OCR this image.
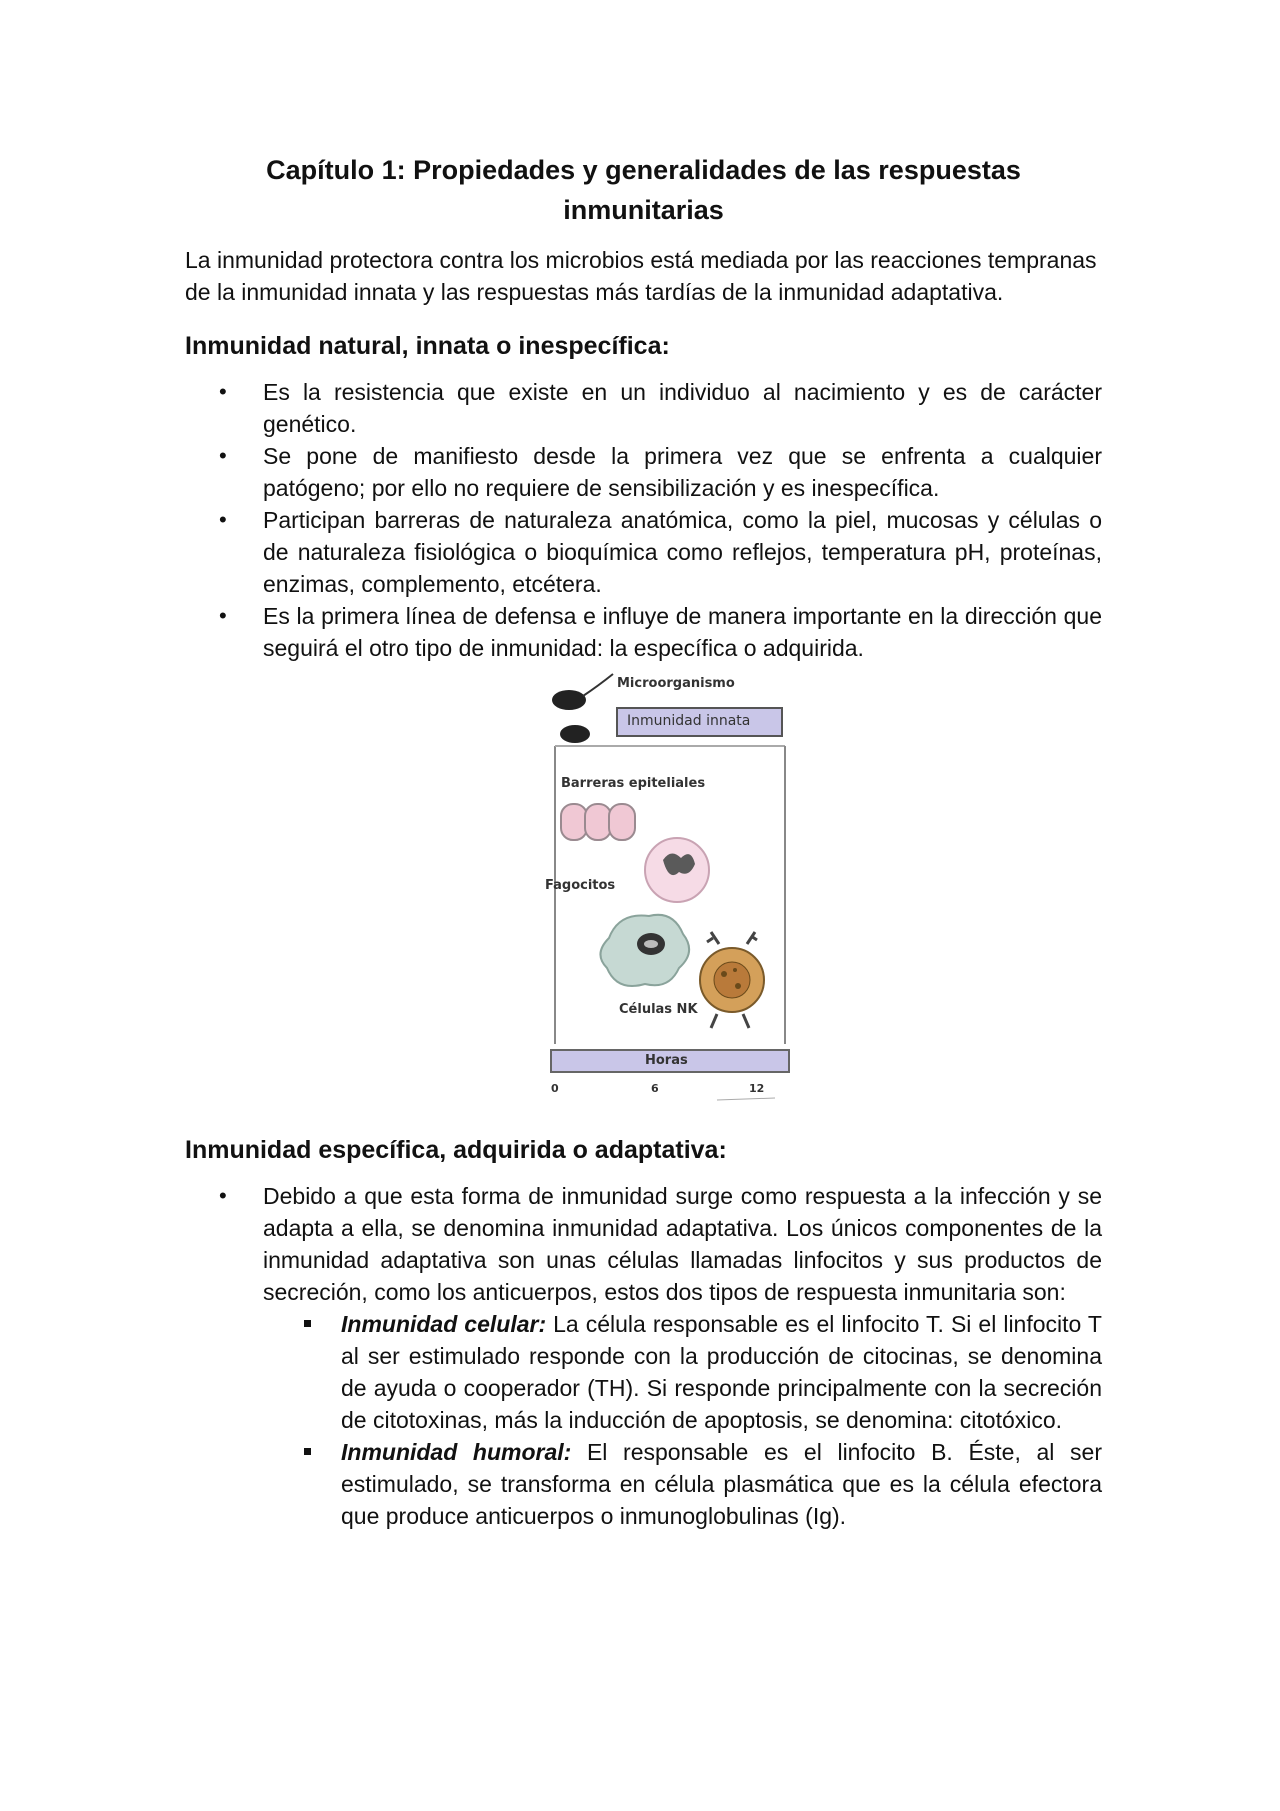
Capítulo 1: Propiedades y generalidades de las respuestas inmunitarias

La inmunidad protectora contra los microbios está mediada por las reacciones tempranas de la inmunidad innata y las respuestas más tardías de la inmunidad adaptativa.

Inmunidad natural, innata o inespecífica:
• Es la resistencia que existe en un individuo al nacimiento y es de carácter genético.
• Se pone de manifiesto desde la primera vez que se enfrenta a cualquier patógeno; por ello no requiere de sensibilización y es inespecífica.
• Participan barreras de naturaleza anatómica, como la piel, mucosas y células o de naturaleza fisiológica o bioquímica como reflejos, temperatura pH, proteínas, enzimas, complemento, etcétera.
• Es la primera línea de defensa e influye de manera importante en la dirección que seguirá el otro tipo de inmunidad: la específica o adquirida.
Microorganismo
Inmunidad innata
Barreras epiteliales
Fagocitos
Células NK
Horas
0	6	12
Inmunidad específica, adquirida o adaptativa:
• Debido a que esta forma de inmunidad surge como respuesta a la infección y se adapta a ella, se denomina inmunidad adaptativa. Los únicos componentes de la inmunidad adaptativa son unas células llamadas linfocitos y sus productos de secreción, como los anticuerpos, estos dos tipos de respuesta inmunitaria son:
Inmunidad celular: La célula responsable es el linfocito T. Si el linfocito T al ser estimulado responde con la producción de citocinas, se denomina de ayuda o cooperador (TH). Si responde principalmente con la secreción de citotoxinas, más la inducción de apoptosis, se denomina: citotóxico.
Inmunidad humoral: El responsable es el linfocito B. Éste, al ser estimulado, se transforma en célula plasmática que es la célula efectora que produce anticuerpos o inmunoglobulinas (Ig).
